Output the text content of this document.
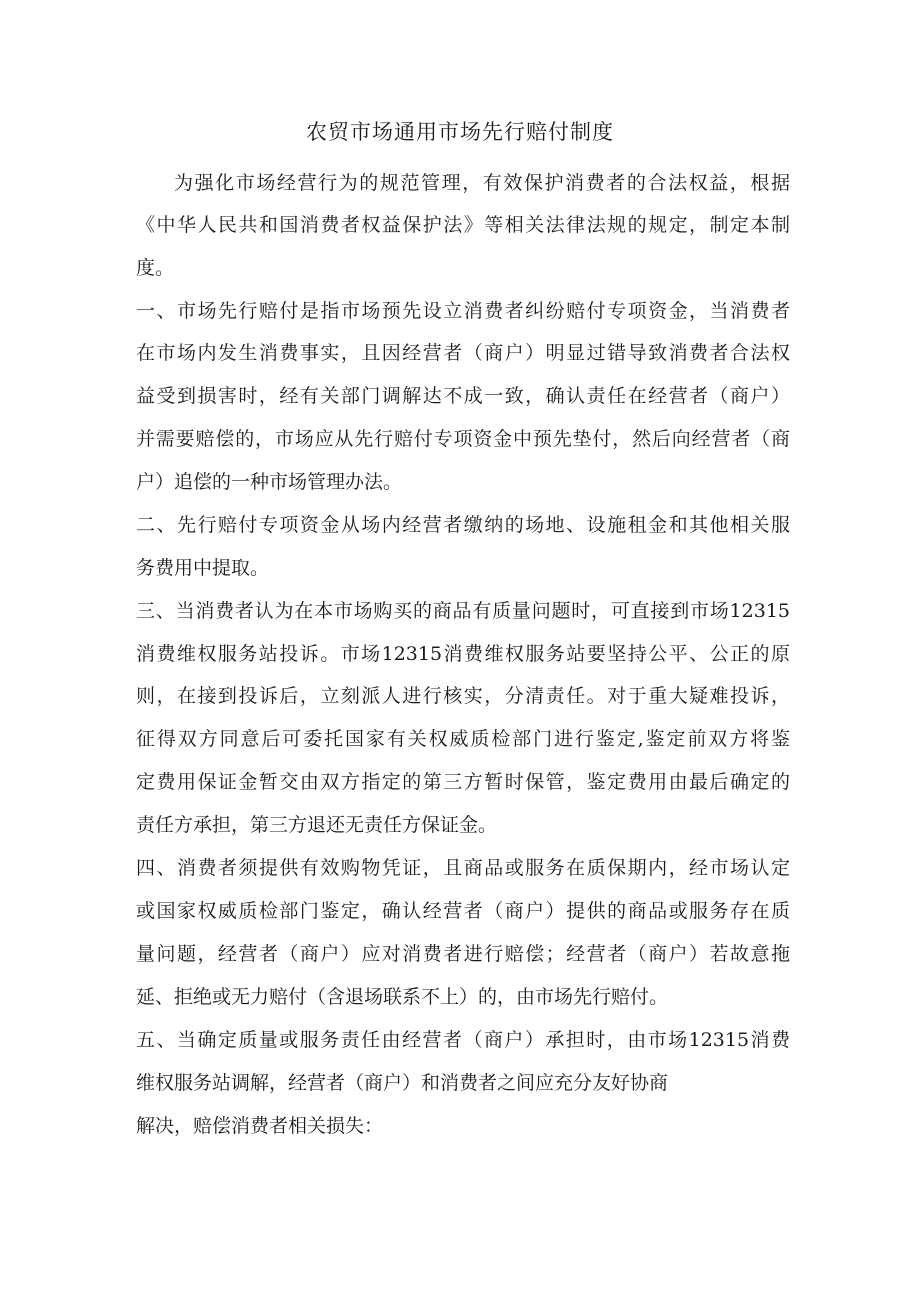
农贸市场通用市场先行赔付制度
为强化市场经营行为的规范管理，有效保护消费者的合法权益，根据
《中华人民共和国消费者权益保护法》等相关法律法规的规定，制定本制
度。
一、市场先行赔付是指市场预先设立消费者纠纷赔付专项资金，当消费者
在市场内发生消费事实，且因经营者（商户）明显过错导致消费者合法权
益受到损害时，经有关部门调解达不成一致，确认责任在经营者（商户）
并需要赔偿的，市场应从先行赔付专项资金中预先垫付，然后向经营者（商
户）追偿的一种市场管理办法。
二、先行赔付专项资金从场内经营者缴纳的场地、设施租金和其他相关服
务费用中提取。
三、当消费者认为在本市场购买的商品有质量问题时，可直接到市场12315
消费维权服务站投诉。市场12315消费维权服务站要坚持公平、公正的原
则，在接到投诉后，立刻派人进行核实，分清责任。对于重大疑难投诉，
征得双方同意后可委托国家有关权威质检部门进行鉴定,鉴定前双方将鉴
定费用保证金暂交由双方指定的第三方暂时保管，鉴定费用由最后确定的
责任方承担，第三方退还无责任方保证金。
四、消费者须提供有效购物凭证，且商品或服务在质保期内，经市场认定
或国家权威质检部门鉴定，确认经营者（商户）提供的商品或服务存在质
量问题，经营者（商户）应对消费者进行赔偿；经营者（商户）若故意拖
延、拒绝或无力赔付（含退场联系不上）的，由市场先行赔付。
五、当确定质量或服务责任由经营者（商户）承担时，由市场12315消费
维权服务站调解，经营者（商户）和消费者之间应充分友好协商
解决，赔偿消费者相关损失：
